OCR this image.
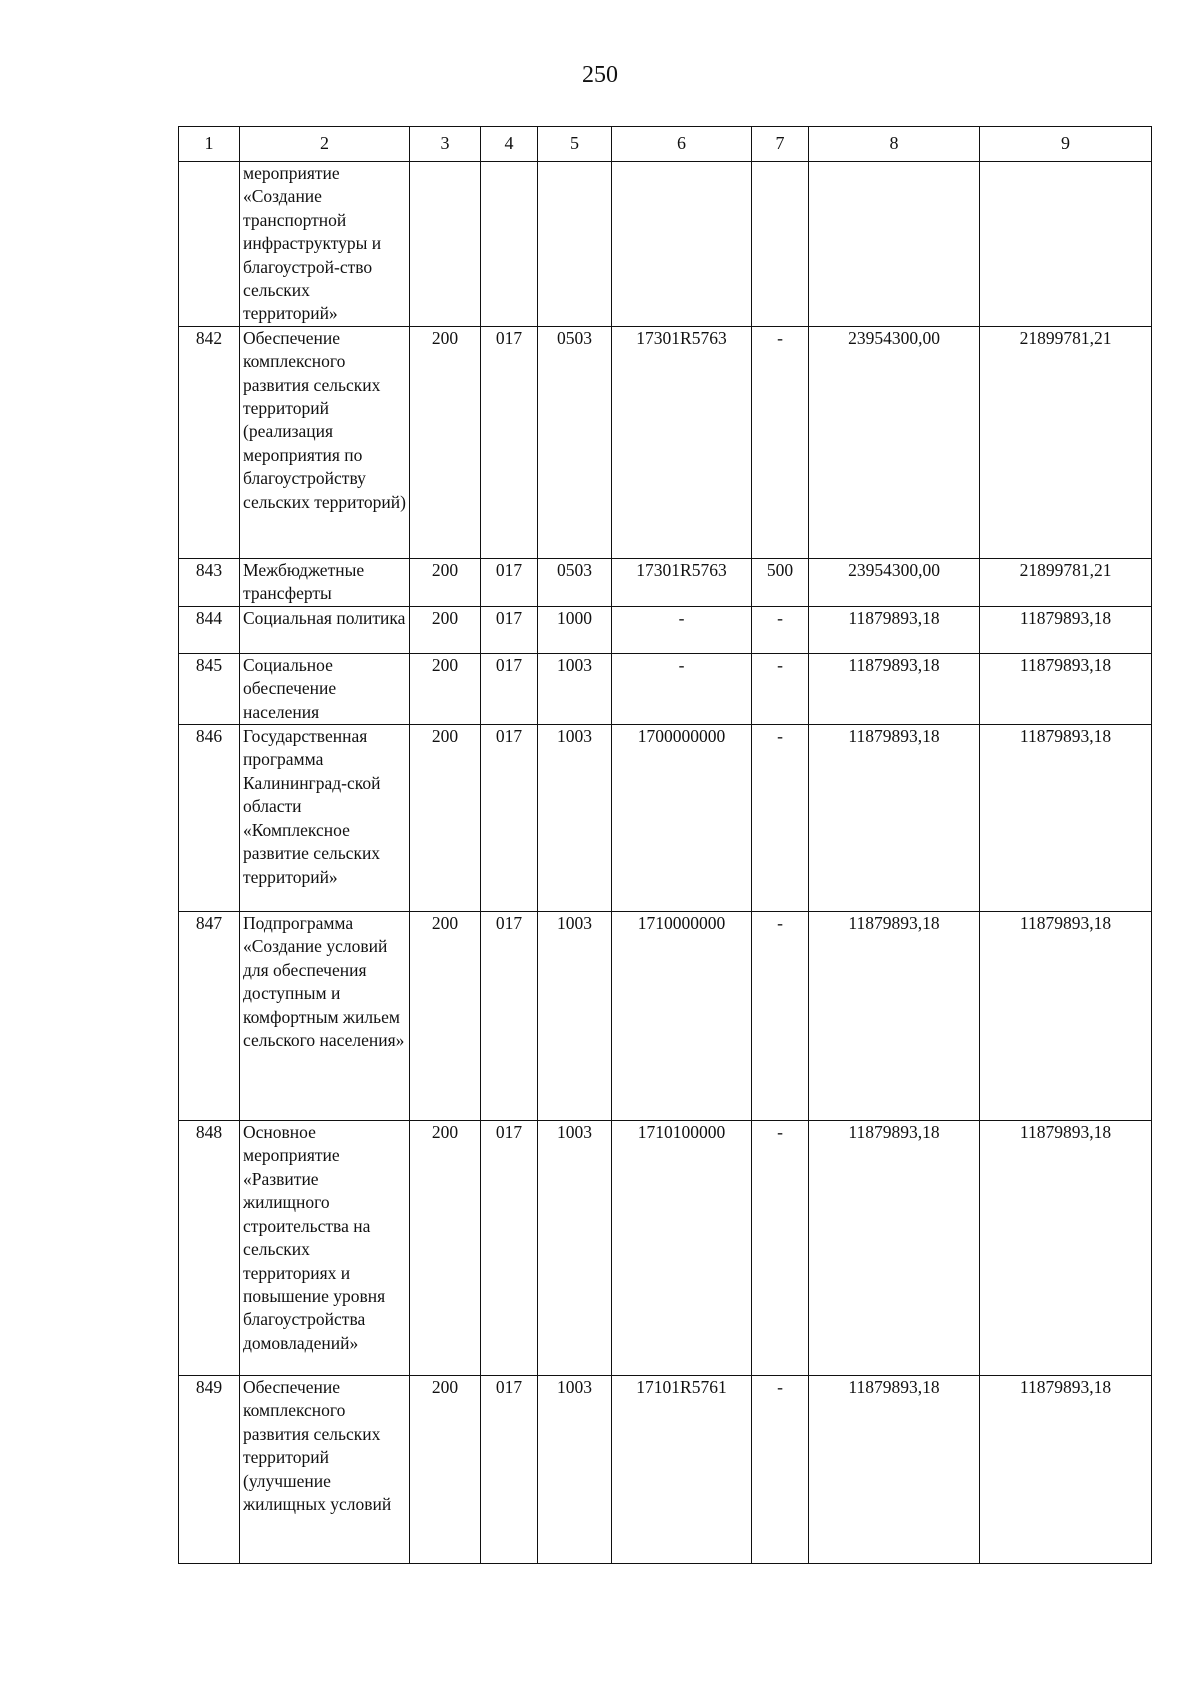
250
1	2	3	4	5	6	7	8	9

	мероприятие «Создание транспортной инфраструктуры и благоустрой-ство сельских территорий»							

842	Обеспечение комплексного развития сельских территорий (реализация мероприятия по благоустройству сельских территорий)	200	017	0503	17301R5763	-	23954300,00	21899781,21

843	Межбюджетные трансферты	200	017	0503	17301R5763	500	23954300,00	21899781,21

844	Социальная политика	200	017	1000	-	-	11879893,18	11879893,18

845	Социальное обеспечение населения	200	017	1003	-	-	11879893,18	11879893,18

846	Государственная программа Калининград-ской области «Комплексное развитие сельских территорий»	200	017	1003	1700000000	-	11879893,18	11879893,18

847	Подпрограмма «Создание условий для обеспечения доступным и комфортным жильем сельского населения»	200	017	1003	1710000000	-	11879893,18	11879893,18

848	Основное мероприятие «Развитие жилищного строительства на сельских территориях и повышение уровня благоустройства домовладений»	200	017	1003	1710100000	-	11879893,18	11879893,18

849	Обеспечение комплексного развития сельских территорий (улучшение жилищных условий	200	017	1003	17101R5761	-	11879893,18	11879893,18
